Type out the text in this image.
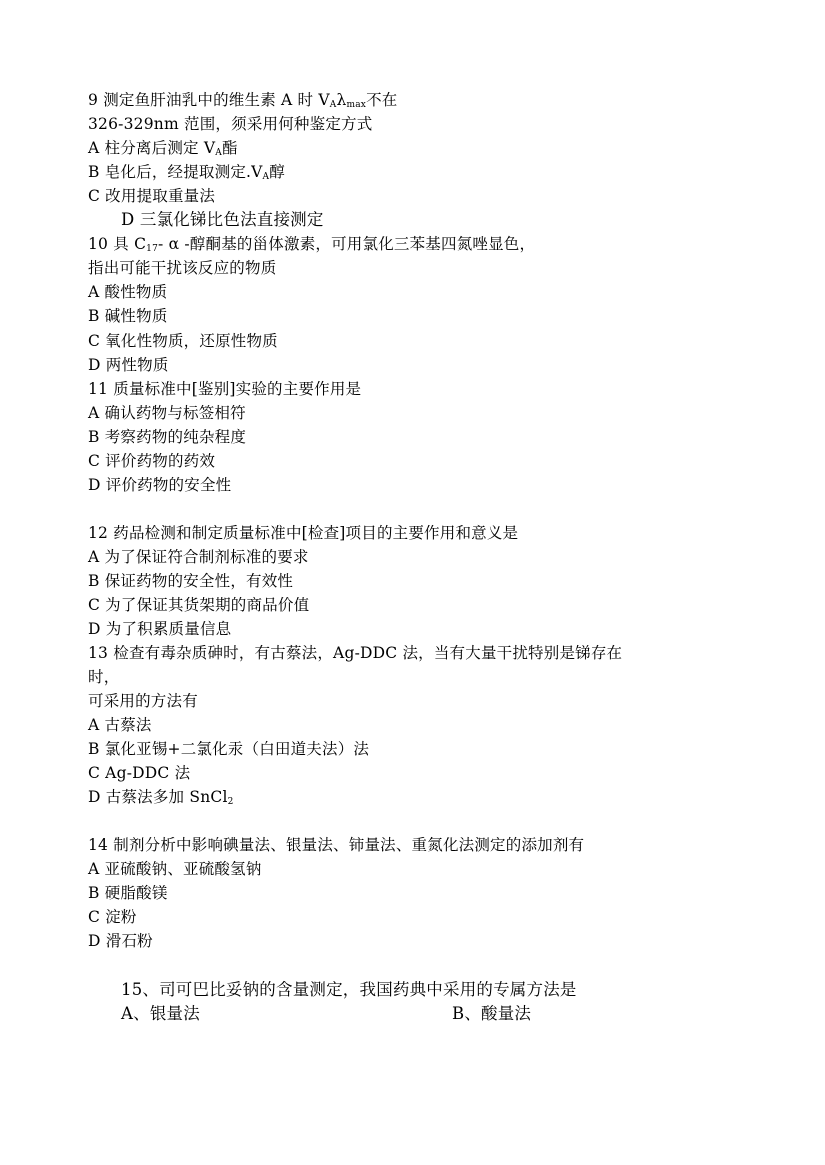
9 测定鱼肝油乳中的维生素 A 时 $V_A\lambda_{max}$不在
326-329nm 范围，须采用何种鉴定方式
A 柱分离后测定 $V_A$酯
B 皂化后，经提取测定$.V_A$醇
C 改用提取重量法
D 三氯化锑比色法直接测定
10 具 $C_{17}-$ α -醇酮基的甾体激素，可用氯化三苯基四氮唑显色，
指出可能干扰该反应的物质
A 酸性物质
B 碱性物质
C 氧化性物质，还原性物质
D 两性物质
11 质量标准中[鉴别]实验的主要作用是
A 确认药物与标签相符
B 考察药物的纯杂程度
C 评价药物的药效
D 评价药物的安全性
12 药品检测和制定质量标准中[检查]项目的主要作用和意义是
A 为了保证符合制剂标准的要求
B 保证药物的安全性，有效性
C 为了保证其货架期的商品价值
D 为了积累质量信息
13 检查有毒杂质砷时，有古蔡法，Ag-DDC 法，当有大量干扰特别是锑存在
时，
可采用的方法有
A 古蔡法
B 氯化亚锡+二氯化汞（白田道夫法）法
C Ag-DDC 法
D 古蔡法多加 SnCl$_2$
14 制剂分析中影响碘量法、银量法、铈量法、重氮化法测定的添加剂有
A 亚硫酸钠、亚硫酸氢钠
B 硬脂酸镁
C 淀粉
D 滑石粉
15、司可巴比妥钠的含量测定，我国药典中采用的专属方法是
A、银量法	B、酸量法
